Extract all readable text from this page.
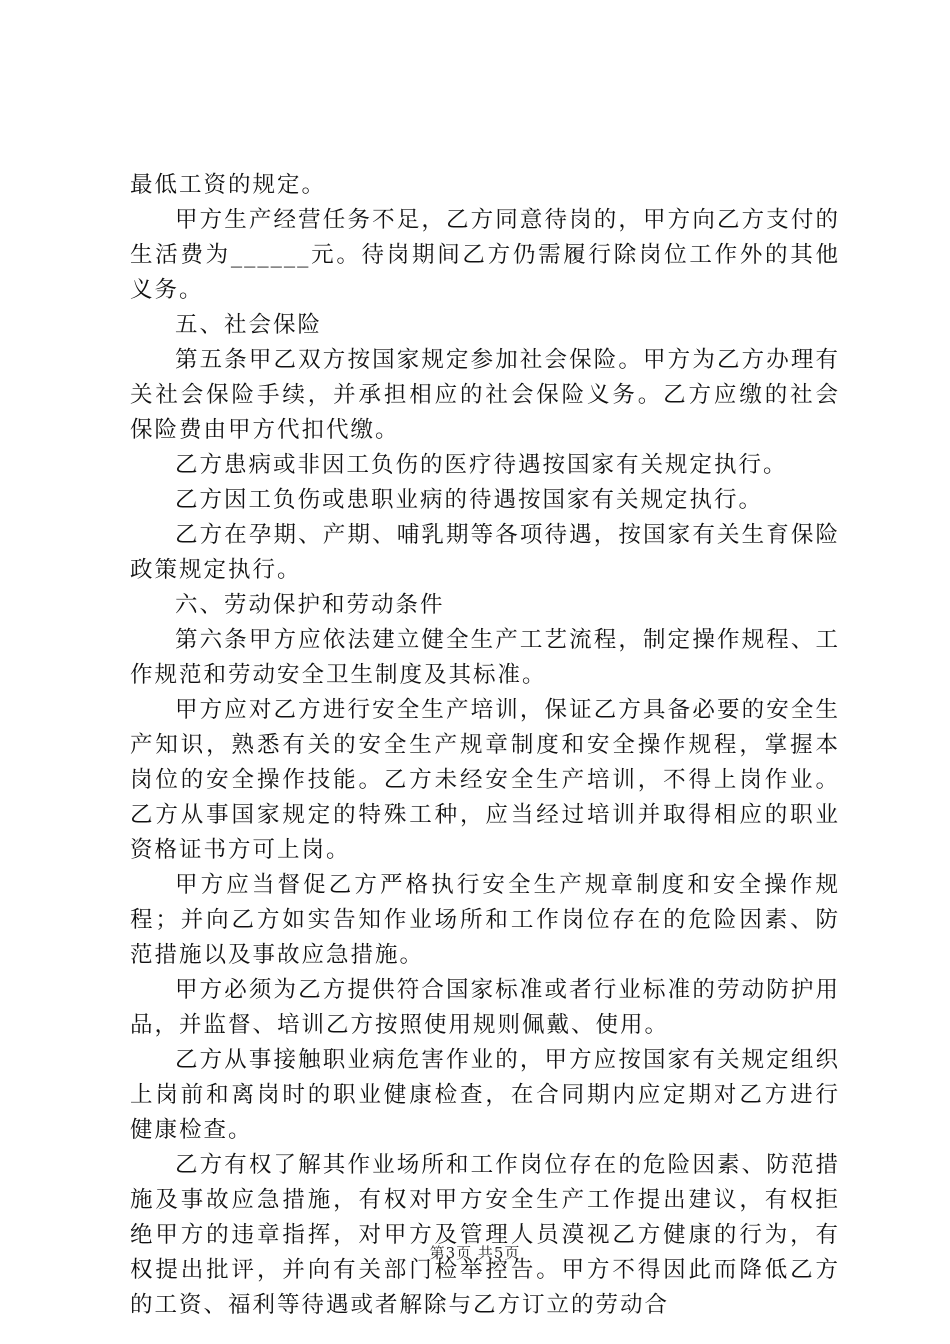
最低工资的规定。

甲方生产经营任务不足，乙方同意待岗的，甲方向乙方支付的生活费为______元。待岗期间乙方仍需履行除岗位工作外的其他义务。

五、社会保险

第五条甲乙双方按国家规定参加社会保险。甲方为乙方办理有关社会保险手续，并承担相应的社会保险义务。乙方应缴的社会保险费由甲方代扣代缴。

乙方患病或非因工负伤的医疗待遇按国家有关规定执行。

乙方因工负伤或患职业病的待遇按国家有关规定执行。

乙方在孕期、产期、哺乳期等各项待遇，按国家有关生育保险政策规定执行。

六、劳动保护和劳动条件

第六条甲方应依法建立健全生产工艺流程，制定操作规程、工作规范和劳动安全卫生制度及其标准。

甲方应对乙方进行安全生产培训，保证乙方具备必要的安全生产知识，熟悉有关的安全生产规章制度和安全操作规程，掌握本岗位的安全操作技能。乙方未经安全生产培训，不得上岗作业。乙方从事国家规定的特殊工种，应当经过培训并取得相应的职业资格证书方可上岗。

甲方应当督促乙方严格执行安全生产规章制度和安全操作规程；并向乙方如实告知作业场所和工作岗位存在的危险因素、防范措施以及事故应急措施。

甲方必须为乙方提供符合国家标准或者行业标准的劳动防护用品，并监督、培训乙方按照使用规则佩戴、使用。

乙方从事接触职业病危害作业的，甲方应按国家有关规定组织上岗前和离岗时的职业健康检查，在合同期内应定期对乙方进行健康检查。

乙方有权了解其作业场所和工作岗位存在的危险因素、防范措施及事故应急措施，有权对甲方安全生产工作提出建议，有权拒绝甲方的违章指挥，对甲方及管理人员漠视乙方健康的行为，有权提出批评，并向有关部门检举控告。甲方不得因此而降低乙方的工资、福利等待遇或者解除与乙方订立的劳动合

第3页 共5页
